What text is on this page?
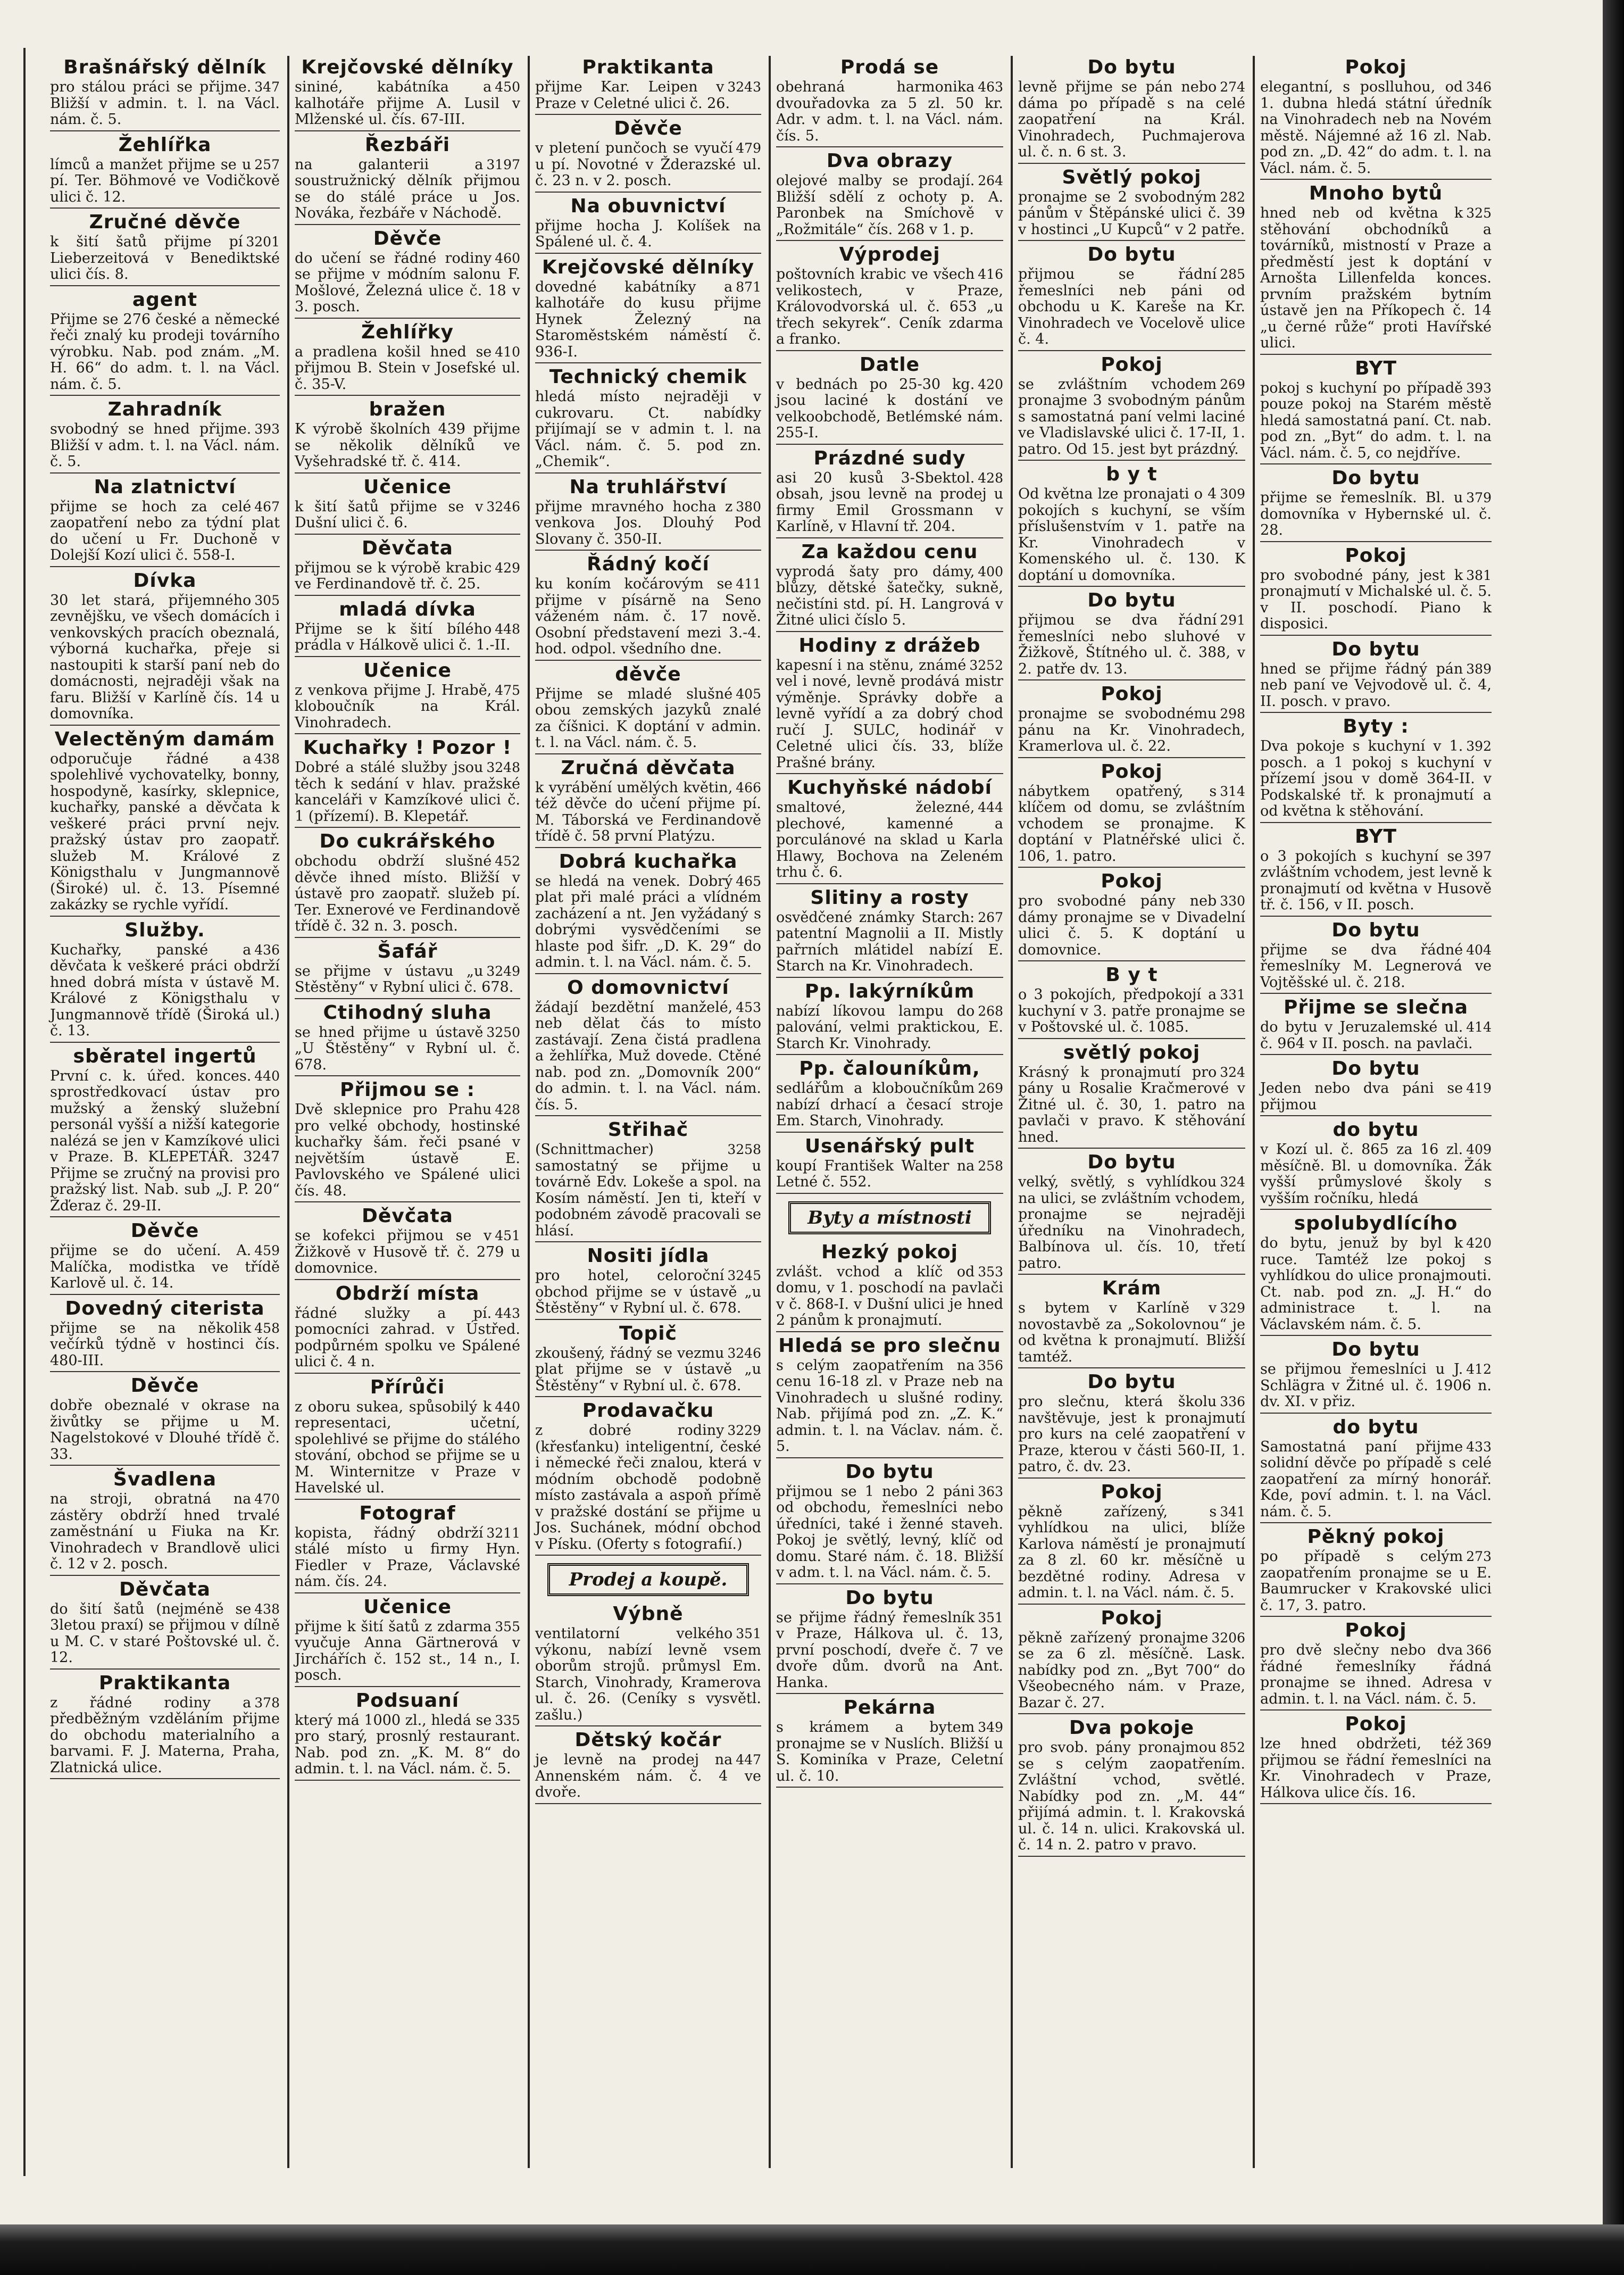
Brašnářský dělník
347
pro stálou práci se přijme. Bližší v admin. t. l. na Václ. nám. č. 5.
Žehlířka
257
límců a manžet přijme se u pí. Ter. Böhmové ve Vodičkově ulici č. 12.
Zručné děvče
3201
k šití šatů přijme pí Lieberzeitová v Benediktské ulici čís. 8.
agent
Přijme se 276 české a německé řeči znalý ku prodeji továrního výrobku. Nab. pod znám. „M. H. 66“ do adm. t. l. na Václ. nám. č. 5.
Zahradník
393
svobodný se hned přijme. Bližší v adm. t. l. na Václ. nám. č. 5.
Na zlatnictví
467
přijme se hoch za celé zaopatření nebo za týdní plat do učení u Fr. Duchoně v Dolejší Kozí ulici č. 558-I.
Dívka
305
30 let stará, přijemného zevnějšku, ve všech domácích i venkovských pracích obeznalá, výborná kuchařka, přeje si nastoupiti k starší paní neb do domácnosti, nejraději však na faru. Bližší v Karlíně čís. 14 u domovníka.
Velectěným damám
438
odporučuje řádné a spolehlivé vychovatelky, bonny, hospodyně, kasírky, sklepnice, kuchařky, panské a děvčata k veškeré práci první nejv. pražský ústav pro zaopatř. služeb M. Králové z Königsthalu v Jungmannově (Široké) ul. č. 13. Písemné zakázky se rychle vyřídí.
Služby.
436
Kuchařky, panské a děvčata k veškeré práci obdrží hned dobrá místa v ústavě M. Králové z Königsthalu v Jungmannově třídě (Široká ul.) č. 13.
sběratel ingertů
440
První c. k. úřed. konces. sprostředkovací ústav pro mužský a ženský služební personál vyšší a nižší kategorie nalézá se jen v Kamzíkové ulici v Praze. B. KLEPETÁŘ. 3247 Přijme se zručný na provisi pro pražský list. Nab. sub „J. P. 20“ Žďeraz č. 29-II.
Děvče
459
přijme se do učení. A. Malíčka, modistka ve třídě Karlově ul. č. 14.
Dovedný citerista
458
přijme se na několik večírků týdně v hostinci čís. 480-III.
Děvče
dobře obeznalé v okrase na živůtky se přijme u M. Nagelstokové v Dlouhé třídě č. 33.
Švadlena
470
na stroji, obratná na zástěry obdrží hned trvalé zaměstnání u Fiuka na Kr. Vinohradech v Brandlově ulici č. 12 v 2. posch.
Děvčata
438
do šití šatů (nejméně se 3letou praxí) se přijmou v dílně u M. C. v staré Poštovské ul. č. 12.
Praktikanta
378
z řádné rodiny a předběžným vzděláním přijme do obchodu materialního a barvami. F. J. Materna, Praha, Zlatnická ulice.
Krejčovské dělníky
450
sininé, kabátníka a kalhotáře přijme A. Lusil v Mlženské ul. čís. 67-III.
Řezbáři
3197
na galanterii a soustružnický dělník přijmou se do stálé práce u Jos. Nováka, řezbáře v Náchodě.
Děvče
460
do učení se řádné rodiny se přijme v módním salonu F. Mošlové, Železná ulice č. 18 v 3. posch.
Žehlířky
410
a pradlena košil hned se přijmou B. Stein v Josefské ul. č. 35-V.
bražen
K výrobě školních 439 přijme se několik dělníků ve Vyšehradské tř. č. 414.
Učenice
3246
k šití šatů přijme se v Dušní ulici č. 6.
Děvčata
429
přijmou se k výrobě krabic ve Ferdinandově tř. č. 25.
mladá dívka
448
Přijme se k šití bílého prádla v Hálkově ulici č. 1.-II.
Učenice
475
z venkova přijme J. Hrabě, kloboučník na Král. Vinohradech.
Kuchařky ! Pozor !
3248
Dobré a stálé služby jsou těch k sedání v hlav. pražské kanceláři v Kamzíkové ulici č. 1 (přízemí). B. Klepetář.
Do cukrářského
452
obchodu obdrží slušné děvče ihned místo. Bližší v ústavě pro zaopatř. služeb pí. Ter. Exnerové ve Ferdinandově třídě č. 32 n. 3. posch.
Šafář
3249
se přijme v ústavu „u Stěstěny“ v Rybní ulici č. 678.
Ctihodný sluha
3250
se hned přijme u ústavě „U Štěstěny“ v Rybní ul. č. 678.
Přijmou se :
428
Dvě sklepnice pro Prahu pro velké obchody, hostinské kuchařky šám. řeči psané v největším ústavě E. Pavlovského ve Spálené ulici čís. 48.
Děvčata
451
se kofekci přijmou se v Žižkově v Husově tř. č. 279 u domovnice.
Obdrží místa
443
řádné služky a pí. pomocníci zahrad. v Ústřed. podpůrném spolku ve Spálené ulici č. 4 n.
Přírůči
440
z oboru sukea, spůsobilý k representaci, učetní, spolehlivé se přijme do stálého stování, obchod se přijme se u M. Winternitze v Praze v Havelské ul.
Fotograf
3211
kopista, řádný obdrží stálé místo u firmy Hyn. Fiedler v Praze, Václavské nám. čís. 24.
Učenice
355
přijme k šití šatů z zdarma vyučuje Anna Gärtnerová v Jirchářích č. 152 st., 14 n., I. posch.
Podsuaní
335
který má 1000 zl., hledá se pro starý, prosnlý restaurant. Nab. pod zn. „K. M. 8“ do admin. t. l. na Václ. nám. č. 5.
Praktikanta
3243
přijme Kar. Leipen v Praze v Celetné ulici č. 26.
Děvče
479
v pletení punčoch se vyučí u pí. Novotné v Žderazské ul. č. 23 n. v 2. posch.
Na obuvnictví
přijme hocha J. Kolíšek na Spálené ul. č. 4.
Krejčovské dělníky
871
dovedné kabátníky a kalhotáře do kusu přijme Hynek Železný na Staroměstském náměstí č. 936-I.
Technický chemik
hledá místo nejraději v cukrovaru. Ct. nabídky přijímají se v admin t. l. na Václ. nám. č. 5. pod zn. „Chemik“.
Na truhlářství
380
přijme mravného hocha z venkova Jos. Dlouhý Pod Slovany č. 350-II.
Řádný kočí
411
ku koním kočárovým se přijme v písárně na Seno váženém nám. č. 17 nově. Osobní představení mezi 3.-4. hod. odpol. všedního dne.
děvče
405
Přijme se mladé slušné obou zemských jazyků znalé za číšnici. K doptání v admin. t. l. na Václ. nám. č. 5.
Zručná děvčata
466
k vyrábění umělých květin, též děvče do učení přijme pí. M. Táborská ve Ferdinandově třídě č. 58 první Platýzu.
Dobrá kuchařka
465
se hledá na venek. Dobrý plat při malé práci a vlídném zacházení a nt. Jen vyžádaný s dobrými vysvědčeními se hlaste pod šifr. „D. K. 29“ do admin. t. l. na Václ. nám. č. 5.
O domovnictví
453
žádají bezdětní manželé, neb dělat čás to místo zastávají. Zena čistá pradlena a žehlířka, Muž dovede. Ctěné nab. pod zn. „Domovník 200“ do admin. t. l. na Václ. nám. čís. 5.
Střihač
3258
(Schnittmacher) samostatný se přijme u továrně Edv. Lokeše a spol. na Kosím náměstí. Jen ti, kteří v podobném závodě pracovali se hlásí.
Nositi jídla
3245
pro hotel, celoroční obchod přijme se v ústavě „u Štěstěny“ v Rybní ul. č. 678.
Topič
3246
zkoušený, řádný se vezmu plat přijme se v ústavě „u Štěstěny“ v Rybní ul. č. 678.
Prodavačku
3229
z dobré rodiny (křesťanku) inteligentní, české i německé řeči znalou, která v módním obchodě podobně místo zastávala a aspoň přímě v pražské dostání se přijme u Jos. Suchánek, módní obchod v Písku. (Oferty s fotografií.)
Prodej a koupě.
Výbně
351
ventilatorní velkého výkonu, nabízí levně vsem oborům strojů. průmysl Em. Starch, Vinohrady, Kramerova ul. č. 26. (Ceníky s vysvětl. zašlu.)
Dětský kočár
447
je levně na prodej na Annenském nám. č. 4 ve dvoře.
Prodá se
463
obehraná harmonika dvouřadovka za 5 zl. 50 kr. Adr. v adm. t. l. na Václ. nám. čís. 5.
Dva obrazy
264
olejové malby se prodají. Bližší sdělí z ochoty p. A. Paronbek na Smíchově v „Rožmitále“ čís. 268 v 1. p.
Výprodej
416
poštovních krabic ve všech velikostech, v Praze, Královodvorská ul. č. 653 „u třech sekyrek“. Ceník zdarma a franko.
Datle
420
v bednách po 25-30 kg. jsou laciné k dostání ve velkoobchodě, Betlémské nám. 255-I.
Prázdné sudy
428
asi 20 kusů 3-Sbektol. obsah, jsou levně na prodej u firmy Emil Grossmann v Karlíně, v Hlavní tř. 204.
Za každou cenu
400
vyprodá šaty pro dámy, blůzy, dětské šatečky, sukně, nečistíni std. pí. H. Langrová v Žitné ulici číslo 5.
Hodiny z drážeb
3252
kapesní i na stěnu, známé vel i nové, levně prodává mistr výměnje. Správky dobře a levně vyřídí a za dobrý chod ručí J. SULC, hodinář v Celetné ulici čís. 33, blíže Prašné brány.
Kuchyňské nádobí
444
smaltové, železné, plechové, kamenné a porculánové na sklad u Karla Hlawy, Bochova na Zeleném trhu č. 6.
Slitiny a rosty
267
osvědčené známky Starch: patentní Magnolii a II. Mistly pařrních mlátidel nabízí E. Starch na Kr. Vinohradech.
Pp. lakýrníkům
268
nabízí líkovou lampu do palování, velmi praktickou, E. Starch Kr. Vinohrady.
Pp. čalouníkům,
269
sedlářům a kloboučníkům nabízí drhací a česací stroje Em. Starch, Vinohrady.
Usenářský pult
258
koupí František Walter na Letné č. 552.
Byty a místnosti
Hezký pokoj
353
zvlášt. vchod a klíč od domu, v 1. poschodí na pavlači v č. 868-I. v Dušní ulici je hned 2 pánům k pronajmutí.
Hledá se pro slečnu
356
s celým zaopatřením na cenu 16-18 zl. v Praze neb na Vinohradech u slušné rodiny. Nab. přijímá pod zn. „Z. K.“ admin. t. l. na Václav. nám. č. 5.
Do bytu
363
přijmou se 1 nebo 2 páni od obchodu, řemeslníci nebo úředníci, také i ženné staveh. Pokoj je světlý, levný, klíč od domu. Staré nám. č. 18. Bližší v adm. t. l. na Václ. nám. č. 5.
Do bytu
351
se přijme řádný řemeslník v Praze, Hálkova ul. č. 13, první poschodí, dveře č. 7 ve dvoře dům. dvorů na Ant. Hanka.
Pekárna
349
s krámem a bytem pronajme se v Nuslích. Bližší u S. Kominíka v Praze, Celetní ul. č. 10.
Do bytu
274
levně přijme se pán nebo dáma po případě s na celé zaopatření na Král. Vinohradech, Puchmajerova ul. č. n. 6 st. 3.
Světlý pokoj
282
pronajme se 2 svobodným pánům v Štěpánské ulici č. 39 v hostinci „U Kupců“ v 2 patře.
Do bytu
285
přijmou se řádní řemeslníci neb páni od obchodu u K. Kareše na Kr. Vinohradech ve Vocelově ulice č. 4.
Pokoj
269
se zvláštním vchodem pronajme 3 svobodným pánům s samostatná paní velmi laciné ve Vladislavské ulici č. 17-II, 1. patro. Od 15. jest byt prázdný.
b y t
309
Od května lze pronajati o 4 pokojích s kuchyní, se vším příslušenstvím v 1. patře na Kr. Vinohradech v Komenského ul. č. 130. K doptání u domovníka.
Do bytu
291
přijmou se dva řádní řemeslníci nebo sluhové v Žižkově, Štítného ul. č. 388, v 2. patře dv. 13.
Pokoj
298
pronajme se svobodnému pánu na Kr. Vinohradech, Kramerlova ul. č. 22.
Pokoj
314
nábytkem opatřený, s klíčem od domu, se zvláštním vchodem se pronajme. K doptání v Platnéřské ulici č. 106, 1. patro.
Pokoj
330
pro svobodné pány neb dámy pronajme se v Divadelní ulici č. 5. K doptání u domovnice.
B y t
331
o 3 pokojích, předpokojí a kuchyní v 3. patře pronajme se v Poštovské ul. č. 1085.
světlý pokoj
324
Krásný k pronajmutí pro pány u Rosalie Kračmerové v Žitné ul. č. 30, 1. patro na pavlači v pravo. K stěhování hned.
Do bytu
324
velký, světlý, s vyhlídkou na ulici, se zvláštním vchodem, pronajme se nejraději úředníku na Vinohradech, Balbínova ul. čís. 10, třetí patro.
Krám
329
s bytem v Karlíně v novostavbě za „Sokolovnou“ je od května k pronajmutí. Bližší tamtéž.
Do bytu
336
pro slečnu, která školu navštěvuje, jest k pronajmutí pro kurs na celé zaopatření v Praze, kterou v části 560-II, 1. patro, č. dv. 23.
Pokoj
341
pěkně zařízený, s vyhlídkou na ulici, blíže Karlova náměstí je pronajmutí za 8 zl. 60 kr. měsíčně u bezdětné rodiny. Adresa v admin. t. l. na Václ. nám. č. 5.
Pokoj
3206
pěkně zařízený pronajme se za 6 zl. měsíčně. Lask. nabídky pod zn. „Byt 700“ do Všeobecného nám. v Praze, Bazar č. 27.
Dva pokoje
852
pro svob. pány pronajmou se s celým zaopatřením. Zvláštní vchod, světlé. Nabídky pod zn. „M. 44“ přijímá admin. t. l. Krakovská ul. č. 14 n. ulici. Krakovská ul. č. 14 n. 2. patro v pravo.
Pokoj
346
elegantní, s poslluhou, od 1. dubna hledá státní úředník na Vinohradech neb na Novém městě. Nájemné až 16 zl. Nab. pod zn. „D. 42“ do adm. t. l. na Václ. nám. č. 5.
Mnoho bytů
325
hned neb od května k stěhování obchodníků a továrníků, mistností v Praze a předměstí jest k doptání v Arnošta Lillenfelda konces. prvním pražském bytním ústavě jen na Příkopech č. 14 „u černé růže“ proti Havířské ulici.
BYT
393
pokoj s kuchyní po případě pouze pokoj na Starém městě hledá samostatná paní. Ct. nab. pod zn. „Byt“ do adm. t. l. na Václ. nám. č. 5, co nejdříve.
Do bytu
379
přijme se řemeslník. Bl. u domovníka v Hybernské ul. č. 28.
Pokoj
381
pro svobodné pány, jest k pronajmutí v Michalské ul. č. 5. v II. poschodí. Piano k disposici.
Do bytu
389
hned se přijme řádný pán neb paní ve Vejvodově ul. č. 4, II. posch. v pravo.
Byty :
392
Dva pokoje s kuchyní v 1. posch. a 1 pokoj s kuchyní v přízemí jsou v domě 364-II. v Podskalské tř. k pronajmutí a od května k stěhování.
BYT
397
o 3 pokojích s kuchyní se zvláštním vchodem, jest levně k pronajmutí od května v Husově tř. č. 156, v II. posch.
Do bytu
404
přijme se dva řádné řemeslníky M. Legnerová ve Vojtěšské ul. č. 218.
Přijme se slečna
414
do bytu v Jeruzalemské ul. č. 964 v II. posch. na pavlači.
Do bytu
419
Jeden nebo dva páni se přijmou
do bytu
409
v Kozí ul. č. 865 za 16 zl. měsíčně. Bl. u domovníka. Žák vyšší průmyslové školy s vyšším ročníku, hledá
spolubydlícího
420
do bytu, jenuž by byl k ruce. Tamtéž lze pokoj s vyhlídkou do ulice pronajmouti. Ct. nab. pod zn. „J. H.“ do administrace t. l. na Václavském nám. č. 5.
Do bytu
412
se přijmou řemeslníci u J. Schlägra v Žitné ul. č. 1906 n. dv. XI. v přiz.
do bytu
433
Samostatná paní přijme solidní děvče po případě s celé zaopatření za mírný honorář. Kde, poví admin. t. l. na Václ. nám. č. 5.
Pěkný pokoj
273
po případě s celým zaopatřením pronajme se u E. Baumrucker v Krakovské ulici č. 17, 3. patro.
Pokoj
366
pro dvě slečny nebo dva řádné řemeslníky řádná pronajme se ihned. Adresa v admin. t. l. na Václ. nám. č. 5.
Pokoj
369
lze hned obdržeti, též přijmou se řádní řemeslníci na Kr. Vinohradech v Praze, Hálkova ulice čís. 16.
